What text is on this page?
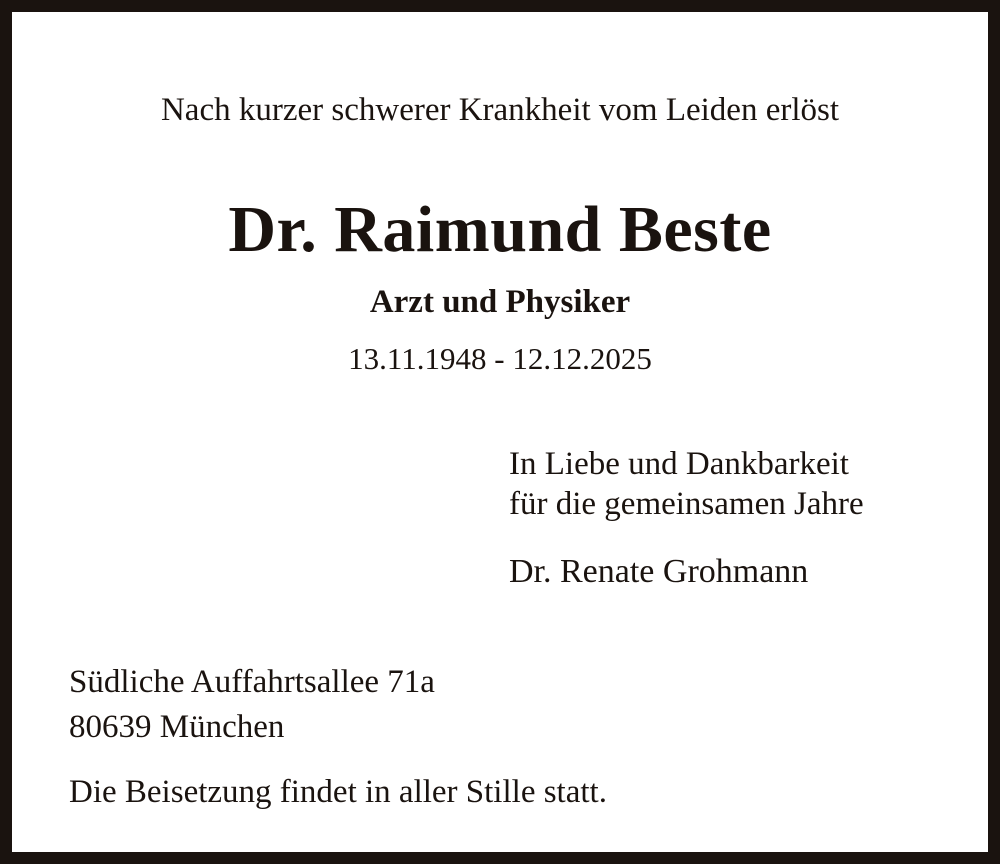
Nach kurzer schwerer Krankheit vom Leiden erlöst
Dr. Raimund Beste
Arzt und Physiker
13.11.1948 - 12.12.2025
In Liebe und Dankbarkeit
für die gemeinsamen Jahre
Dr. Renate Grohmann
Südliche Auffahrtsallee 71a
80639 München
Die Beisetzung findet in aller Stille statt.
